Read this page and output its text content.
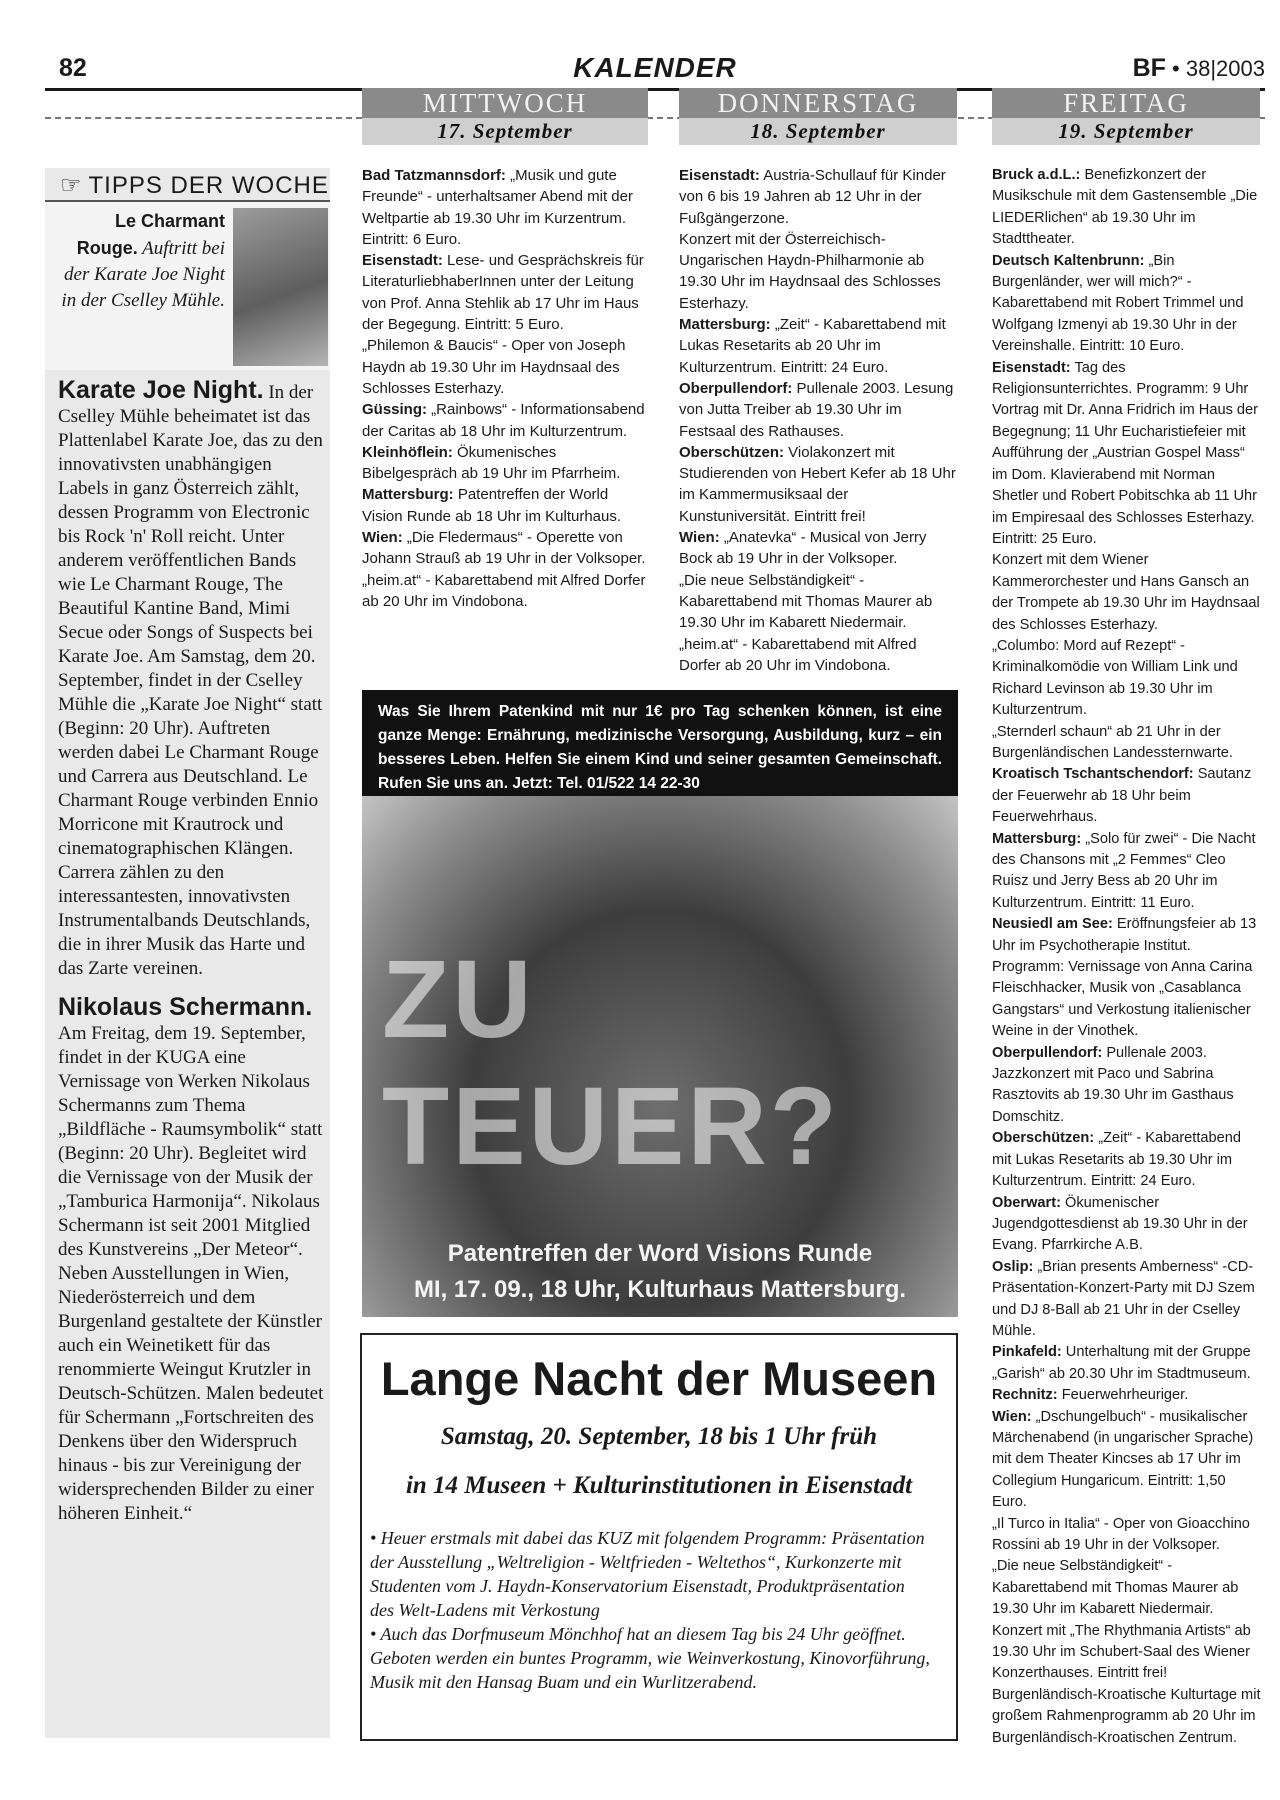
82	KALENDER	BF • 38|2003
MITTWOCH
17. September
DONNERSTAG
18. September
FREITAG
19. September
☞ TIPPS DER WOCHE
Le Charmant Rouge. Auftritt bei der Karate Joe Night in der Cselley Mühle.

Karate Joe Night. In der Cselley Mühle beheimatet ist das Plattenlabel Karate Joe, das zu den innovativsten unabhängigen Labels in ganz Österreich zählt, dessen Programm von Electronic bis Rock 'n' Roll reicht. Unter anderem veröffentlichen Bands wie Le Charmant Rouge, The Beautiful Kantine Band, Mimi Secue oder Songs of Suspects bei Karate Joe. Am Samstag, dem 20. September, findet in der Cselley Mühle die „Karate Joe Night“ statt (Beginn: 20 Uhr). Auftreten werden dabei Le Charmant Rouge und Carrera aus Deutschland. Le Charmant Rouge verbinden Ennio Morricone mit Krautrock und cinematographischen Klängen. Carrera zählen zu den interessantesten, innovativsten Instrumentalbands Deutschlands, die in ihrer Musik das Harte und das Zarte vereinen.

Nikolaus Schermann. Am Freitag, dem 19. September, findet in der KUGA eine Vernissage von Werken Nikolaus Schermanns zum Thema „Bildfläche - Raumsymbolik“ statt (Beginn: 20 Uhr). Begleitet wird die Vernissage von der Musik der „Tamburica Harmonija“. Nikolaus Schermann ist seit 2001 Mitglied des Kunstvereins „Der Meteor“. Neben Ausstellungen in Wien, Niederösterreich und dem Burgenland gestaltete der Künstler auch ein Weinetikett für das renommierte Weingut Krutzler in Deutsch-Schützen. Malen bedeutet für Schermann „Fortschreiten des Denkens über den Widerspruch hinaus - bis zur Vereinigung der widersprechenden Bilder zu einer höheren Einheit.“

Bad Tatzmannsdorf: „Musik und gute Freunde“ - unterhaltsamer Abend mit der Weltpartie ab 19.30 Uhr im Kurzentrum. Eintritt: 6 Euro.

Eisenstadt: Lese- und Gesprächskreis für LiteraturliebhaberInnen unter der Leitung von Prof. Anna Stehlik ab 17 Uhr im Haus der Begegung. Eintritt: 5 Euro.

„Philemon & Baucis“ - Oper von Joseph Haydn ab 19.30 Uhr im Haydnsaal des Schlosses Esterhazy.

Güssing: „Rainbows“ - Informationsabend der Caritas ab 18 Uhr im Kulturzentrum.

Kleinhöflein: Ökumenisches Bibelgespräch ab 19 Uhr im Pfarrheim.

Mattersburg: Patentreffen der World Vision Runde ab 18 Uhr im Kulturhaus.

Wien: „Die Fledermaus“ - Operette von Johann Strauß ab 19 Uhr in der Volksoper.

„heim.at“ - Kabarettabend mit Alfred Dorfer ab 20 Uhr im Vindobona.

Eisenstadt: Austria-Schullauf für Kinder von 6 bis 19 Jahren ab 12 Uhr in der Fußgängerzone.

Konzert mit der Österreichisch-Ungarischen Haydn-Philharmonie ab 19.30 Uhr im Haydnsaal des Schlosses Esterhazy.

Mattersburg: „Zeit“ - Kabarettabend mit Lukas Resetarits ab 20 Uhr im Kulturzentrum. Eintritt: 24 Euro.

Oberpullendorf: Pullenale 2003. Lesung von Jutta Treiber ab 19.30 Uhr im Festsaal des Rathauses.

Oberschützen: Violakonzert mit Studierenden von Hebert Kefer ab 18 Uhr im Kammermusiksaal der Kunstuniversität. Eintritt frei!

Wien: „Anatevka“ - Musical von Jerry Bock ab 19 Uhr in der Volksoper.

„Die neue Selbständigkeit“ - Kabarettabend mit Thomas Maurer ab 19.30 Uhr im Kabarett Niedermair.

„heim.at“ - Kabarettabend mit Alfred Dorfer ab 20 Uhr im Vindobona.

Bruck a.d.L.: Benefizkonzert der Musikschule mit dem Gastensemble „Die LIEDERlichen“ ab 19.30 Uhr im Stadttheater.

Deutsch Kaltenbrunn: „Bin Burgenländer, wer will mich?“ - Kabarettabend mit Robert Trimmel und Wolfgang Izmenyi ab 19.30 Uhr in der Vereinshalle. Eintritt: 10 Euro.

Eisenstadt: Tag des Religionsunterrichtes. Programm: 9 Uhr Vortrag mit Dr. Anna Fridrich im Haus der Begegnung; 11 Uhr Eucharistiefeier mit Aufführung der „Austrian Gospel Mass“ im Dom. Klavierabend mit Norman Shetler und Robert Pobitschka ab 11 Uhr im Empiresaal des Schlosses Esterhazy. Eintritt: 25 Euro.

Konzert mit dem Wiener Kammerorchester und Hans Gansch an der Trompete ab 19.30 Uhr im Haydnsaal des Schlosses Esterhazy.

„Columbo: Mord auf Rezept“ - Kriminalkomödie von William Link und Richard Levinson ab 19.30 Uhr im Kulturzentrum.

„Sternderl schaun“ ab 21 Uhr in der Burgenländischen Landessternwarte.

Kroatisch Tschantschendorf: Sautanz der Feuerwehr ab 18 Uhr beim Feuerwehrhaus.

Mattersburg: „Solo für zwei“ - Die Nacht des Chansons mit „2 Femmes“ Cleo Ruisz und Jerry Bess ab 20 Uhr im Kulturzentrum. Eintritt: 11 Euro.

Neusiedl am See: Eröffnungsfeier ab 13 Uhr im Psychotherapie Institut. Programm: Vernissage von Anna Carina Fleischhacker, Musik von „Casablanca Gangstars“ und Verkostung italienischer Weine in der Vinothek.

Oberpullendorf: Pullenale 2003. Jazzkonzert mit Paco und Sabrina Rasztovits ab 19.30 Uhr im Gasthaus Domschitz.

Oberschützen: „Zeit“ - Kabarettabend mit Lukas Resetarits ab 19.30 Uhr im Kulturzentrum. Eintritt: 24 Euro.

Oberwart: Ökumenischer Jugendgottesdienst ab 19.30 Uhr in der Evang. Pfarrkirche A.B.

Oslip: „Brian presents Amberness“ -CD-Präsentation-Konzert-Party mit DJ Szem und DJ 8-Ball ab 21 Uhr in der Cselley Mühle.

Pinkafeld: Unterhaltung mit der Gruppe „Garish“ ab 20.30 Uhr im Stadtmuseum.

Rechnitz: Feuerwehrheuriger.

Wien: „Dschungelbuch“ - musikalischer Märchenabend (in ungarischer Sprache) mit dem Theater Kincses ab 17 Uhr im Collegium Hungaricum. Eintritt: 1,50 Euro.

„Il Turco in Italia“ - Oper von Gioacchino Rossini ab 19 Uhr in der Volksoper.

„Die neue Selbständigkeit“ - Kabarettabend mit Thomas Maurer ab 19.30 Uhr im Kabarett Niedermair.

Konzert mit „The Rhythmania Artists“ ab 19.30 Uhr im Schubert-Saal des Wiener Konzerthauses. Eintritt frei!

Burgenländisch-Kroatische Kulturtage mit großem Rahmenprogramm ab 20 Uhr im Burgenländisch-Kroatischen Zentrum.

Was Sie Ihrem Patenkind mit nur 1€ pro Tag schenken können, ist eine ganze Menge: Ernährung, medizinische Versorgung, Ausbildung, kurz – ein besseres Leben. Helfen Sie einem Kind und seiner gesamten Gemeinschaft. Rufen Sie uns an. Jetzt: Tel. 01/522 14 22-30
ZU TEUER?
Patentreffen der Word Visions Runde
MI, 17. 09., 18 Uhr, Kulturhaus Mattersburg.
Lange Nacht der Museen
Samstag, 20. September, 18 bis 1 Uhr früh
in 14 Museen + Kulturinstitutionen in Eisenstadt

• Heuer erstmals mit dabei das KUZ mit folgendem Programm: Präsentation der Ausstellung „Weltreligion - Weltfrieden - Weltethos“, Kurkonzerte mit Studenten vom J. Haydn-Konservatorium Eisenstadt, Produktpräsentation des Welt-Ladens mit Verkostung

• Auch das Dorfmuseum Mönchhof hat an diesem Tag bis 24 Uhr geöffnet. Geboten werden ein buntes Programm, wie Weinverkostung, Kinovorführung, Musik mit den Hansag Buam und ein Wurlitzerabend.
